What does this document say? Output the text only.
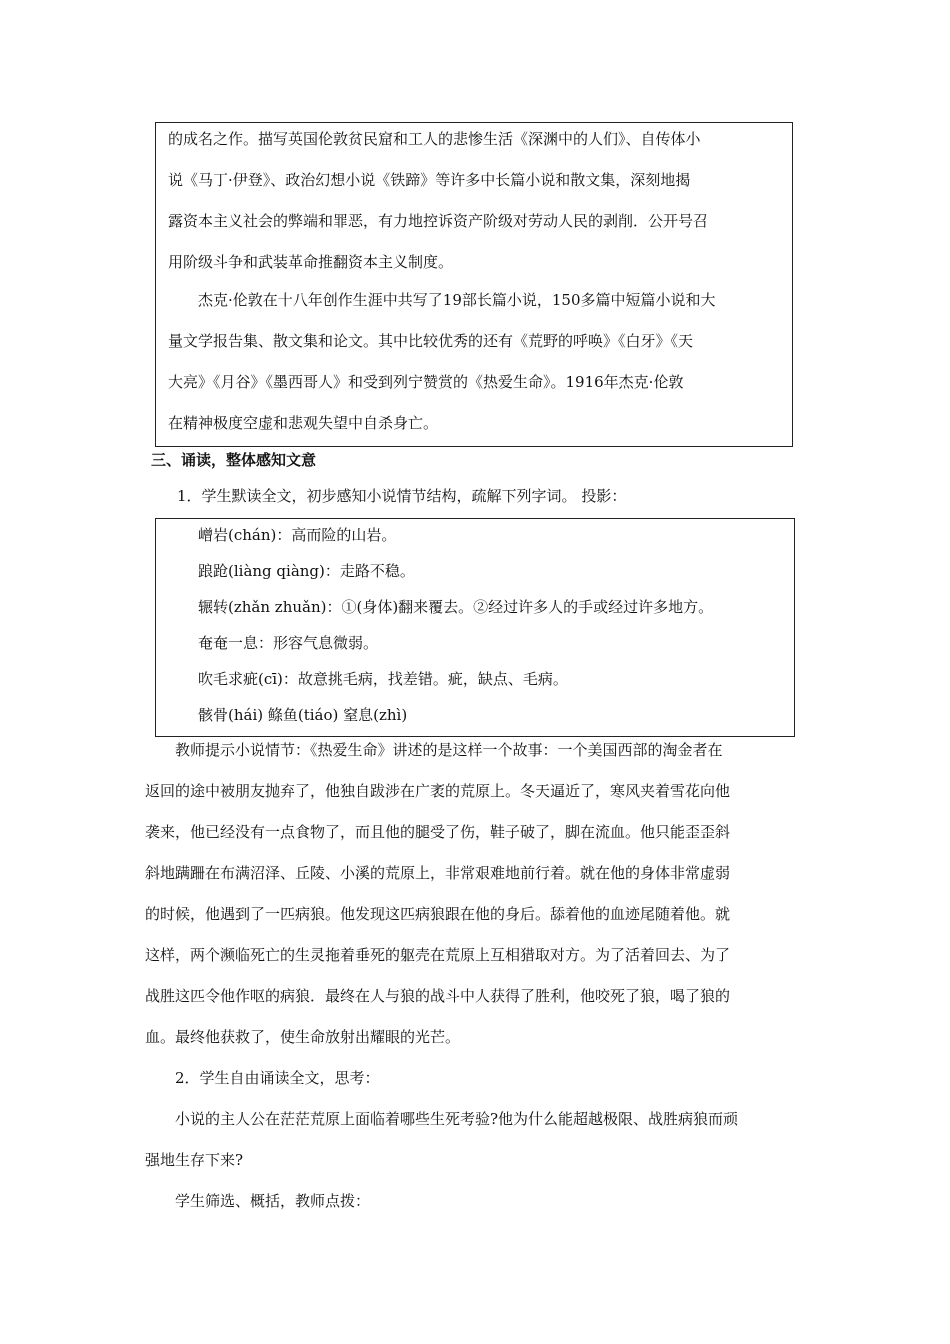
的成名之作。描写英国伦敦贫民窟和工人的悲惨生活《深渊中的人们》、自传体小
说《马丁·伊登》、政治幻想小说《铁蹄》等许多中长篇小说和散文集，深刻地揭
露资本主义社会的弊端和罪恶，有力地控诉资产阶级对劳动人民的剥削．公开号召
用阶级斗争和武装革命推翻资本主义制度。
杰克·伦敦在十八年创作生涯中共写了19部长篇小说，150多篇中短篇小说和大
量文学报告集、散文集和论文。其中比较优秀的还有《荒野的呼唤》《白牙》《天
大亮》《月谷》《墨西哥人》和受到列宁赞赏的《热爱生命》。1916年杰克·伦敦
在精神极度空虚和悲观失望中自杀身亡。
三、诵读，整体感知文意
1．学生默读全文，初步感知小说情节结构，疏解下列字词。 投影：
嶒岩(chán)：高而险的山岩。
踉跄(liàng qiàng)：走路不稳。
辗转(zhǎn zhuǎn)：①(身体)翻来覆去。②经过许多人的手或经过许多地方。
奄奄一息：形容气息微弱。
吹毛求疵(cī)：故意挑毛病，找差错。疵，缺点、毛病。
骸骨(hái) 鲦鱼(tiáo) 窒息(zhì)
教师提示小说情节：《热爱生命》讲述的是这样一个故事：一个美国西部的淘金者在
返回的途中被朋友抛弃了，他独自跋涉在广袤的荒原上。冬天逼近了，寒风夹着雪花向他
袭来，他已经没有一点食物了，而且他的腿受了伤，鞋子破了，脚在流血。他只能歪歪斜
斜地蹒跚在布满沼泽、丘陵、小溪的荒原上，非常艰难地前行着。就在他的身体非常虚弱
的时候，他遇到了一匹病狼。他发现这匹病狼跟在他的身后。舔着他的血迹尾随着他。就
这样，两个濒临死亡的生灵拖着垂死的躯壳在荒原上互相猎取对方。为了活着回去、为了
战胜这匹令他作呕的病狼．最终在人与狼的战斗中人获得了胜利，他咬死了狼，喝了狼的
血。最终他获救了，使生命放射出耀眼的光芒。
2．学生自由诵读全文，思考：
小说的主人公在茫茫荒原上面临着哪些生死考验?他为什么能超越极限、战胜病狼而顽
强地生存下来?
学生筛选、概括，教师点拨：
